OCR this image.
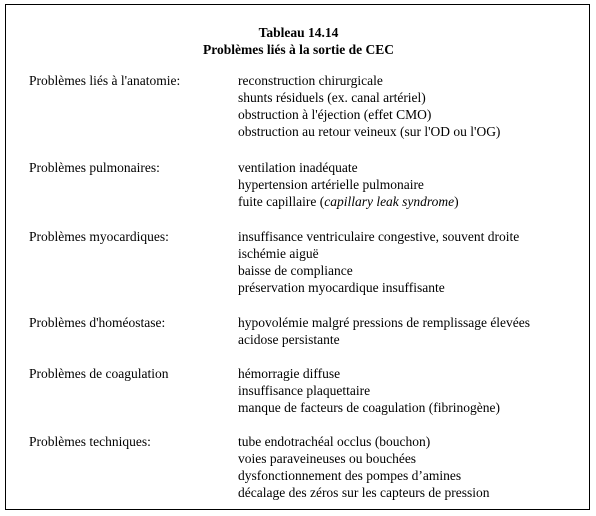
Tableau 14.14
Problèmes liés à la sortie de CEC
Problèmes liés à l'anatomie:	reconstruction chirurgicale
shunts résiduels (ex. canal artériel)
obstruction à l'éjection (effet CMO)
obstruction au retour veineux (sur l'OD ou l'OG)
Problèmes pulmonaires:	ventilation inadéquate
hypertension artérielle pulmonaire
fuite capillaire (capillary leak syndrome)
Problèmes myocardiques:	insuffisance ventriculaire congestive, souvent droite
ischémie aiguë
baisse de compliance
préservation myocardique insuffisante
Problèmes d'homéostase:	hypovolémie malgré pressions de remplissage élevées
acidose persistante
Problèmes de coagulation	hémorragie diffuse
insuffisance plaquettaire
manque de facteurs de coagulation (fibrinogène)
Problèmes techniques:	tube endotrachéal occlus (bouchon)
voies paraveineuses ou bouchées
dysfonctionnement des pompes d’amines
décalage des zéros sur les capteurs de pression
